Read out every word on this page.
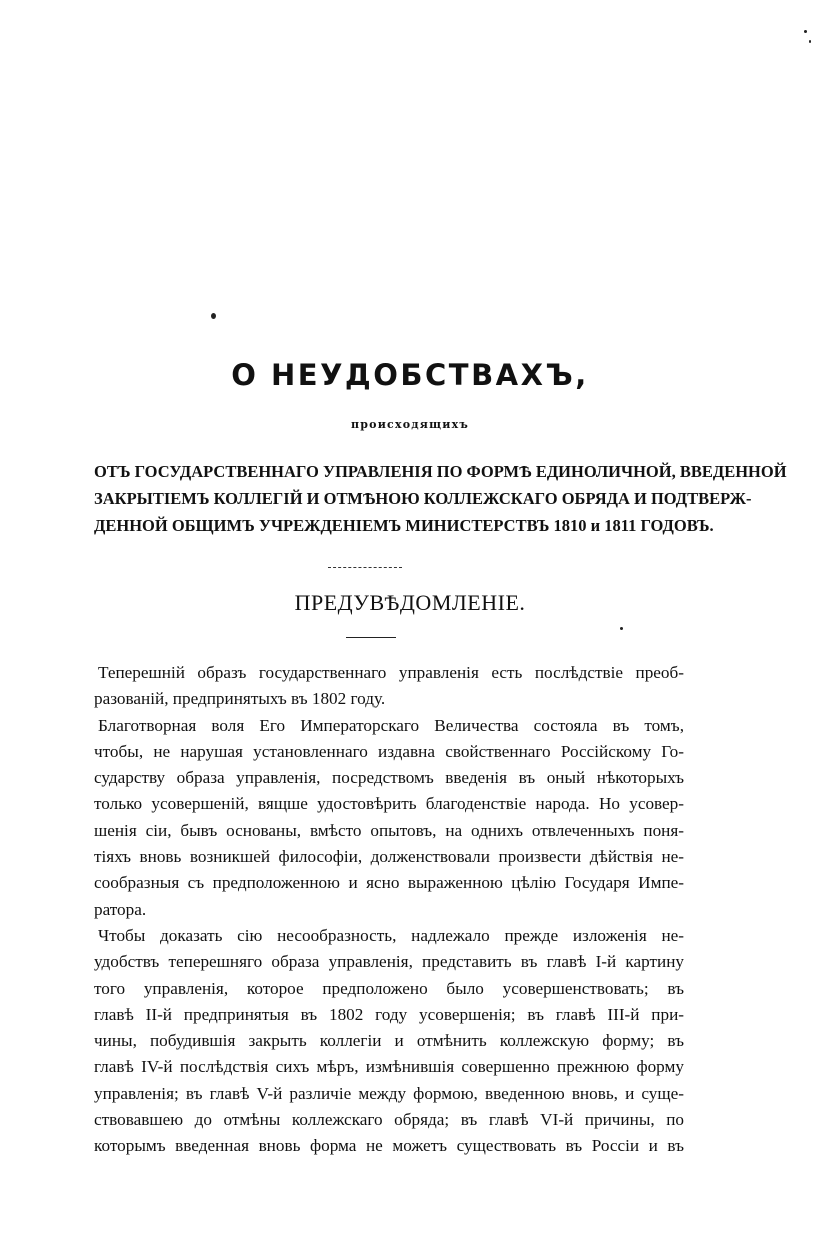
О НЕУДОБСТВАХЪ,
происходящихъ
ОТЪ ГОСУДАРСТВЕННАГО УПРАВЛЕНІЯ ПО ФОРМѢ ЕДИНОЛИЧНОЙ, ВВЕДЕННОЙ
ЗАКРЫТІЕМЪ КОЛЛЕГІЙ И ОТМѢНОЮ КОЛЛЕЖСКАГО ОБРЯДА И ПОДТВЕРЖ-
ДЕННОЙ ОБЩИМЪ УЧРЕЖДЕНІЕМЪ МИНИСТЕРСТВЪ 1810 и 1811 ГОДОВЪ.
ПРЕДУВѢДОМЛЕНІЕ.
Теперешній образъ государственнаго управленія есть послѣдствіе преоб-
разованій, предпринятыхъ въ 1802 году.
Благотворная воля Его Императорскаго Величества состояла въ томъ,
чтобы, не нарушая установленнаго издавна свойственнаго Россійскому Го-
сударству образа управленія, посредствомъ введенія въ оный нѣкоторыхъ
только усовершеній, вящше удостовѣрить благоденствіе народа. Но усовер-
шенія сіи, бывъ основаны, вмѣсто опытовъ, на однихъ отвлеченныхъ поня-
тіяхъ вновь возникшей философіи, долженствовали произвести дѣйствія не-
сообразныя съ предположенною и ясно выраженною цѣлію Государя Импе-
ратора.
Чтобы доказать сію несообразность, надлежало прежде изложенія не-
удобствъ теперешняго образа управленія, представить въ главѣ I-й картину
того управленія, которое предположено было усовершенствовать; въ
главѣ II-й предпринятыя въ 1802 году усовершенія; въ главѣ III-й при-
чины, побудившія закрыть коллегіи и отмѣнить коллежскую форму; въ
главѣ IV-й послѣдствія сихъ мѣръ, измѣнившія совершенно прежнюю форму
управленія; въ главѣ V-й различіе между формою, введенною вновь, и суще-
ствовавшею до отмѣны коллежскаго обряда; въ главѣ VI-й причины, по
которымъ введенная вновь форма не можетъ существовать въ Россіи и въ
